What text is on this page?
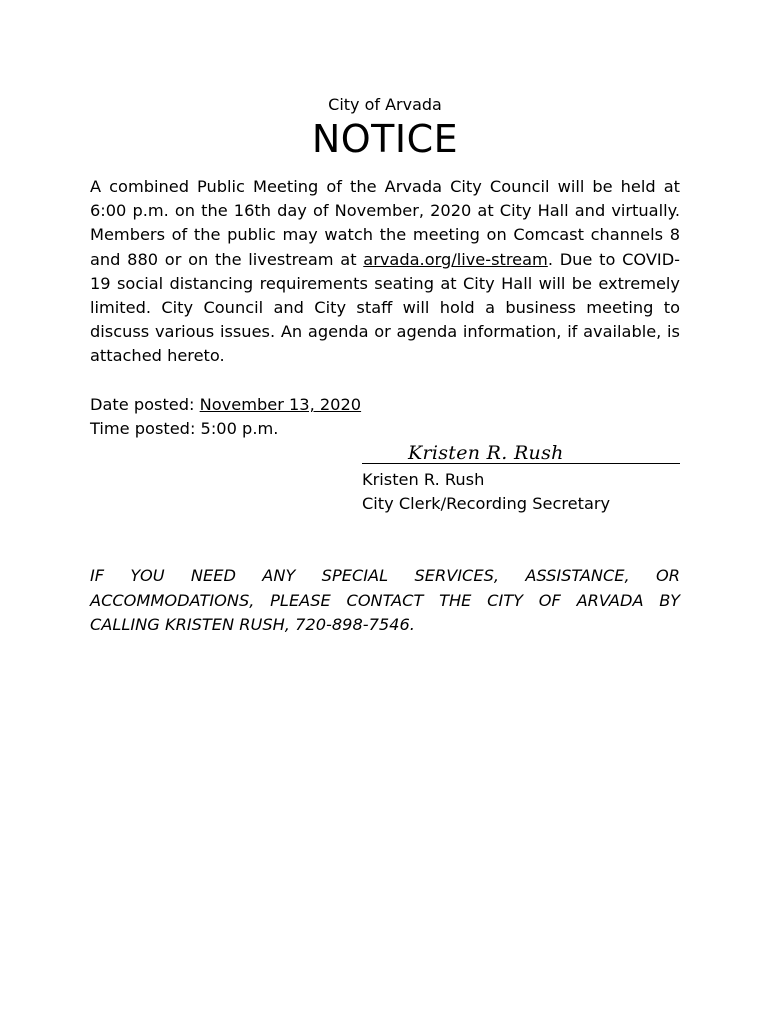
City of Arvada
NOTICE
A combined Public Meeting of the Arvada City Council will be held at 6:00 p.m. on the 16th day of November, 2020 at City Hall and virtually. Members of the public may watch the meeting on Comcast channels 8 and 880 or on the livestream at arvada.org/live-stream. Due to COVID-19 social distancing requirements seating at City Hall will be extremely limited. City Council and City staff will hold a business meeting to discuss various issues. An agenda or agenda information, if available, is attached hereto.
Date posted: November 13, 2020
Time posted: 5:00 p.m.
Kristen R. Rush
Kristen R. Rush
City Clerk/Recording Secretary
IF YOU NEED ANY SPECIAL SERVICES, ASSISTANCE, OR ACCOMMODATIONS, PLEASE CONTACT THE CITY OF ARVADA BY CALLING KRISTEN RUSH, 720-898-7546.
